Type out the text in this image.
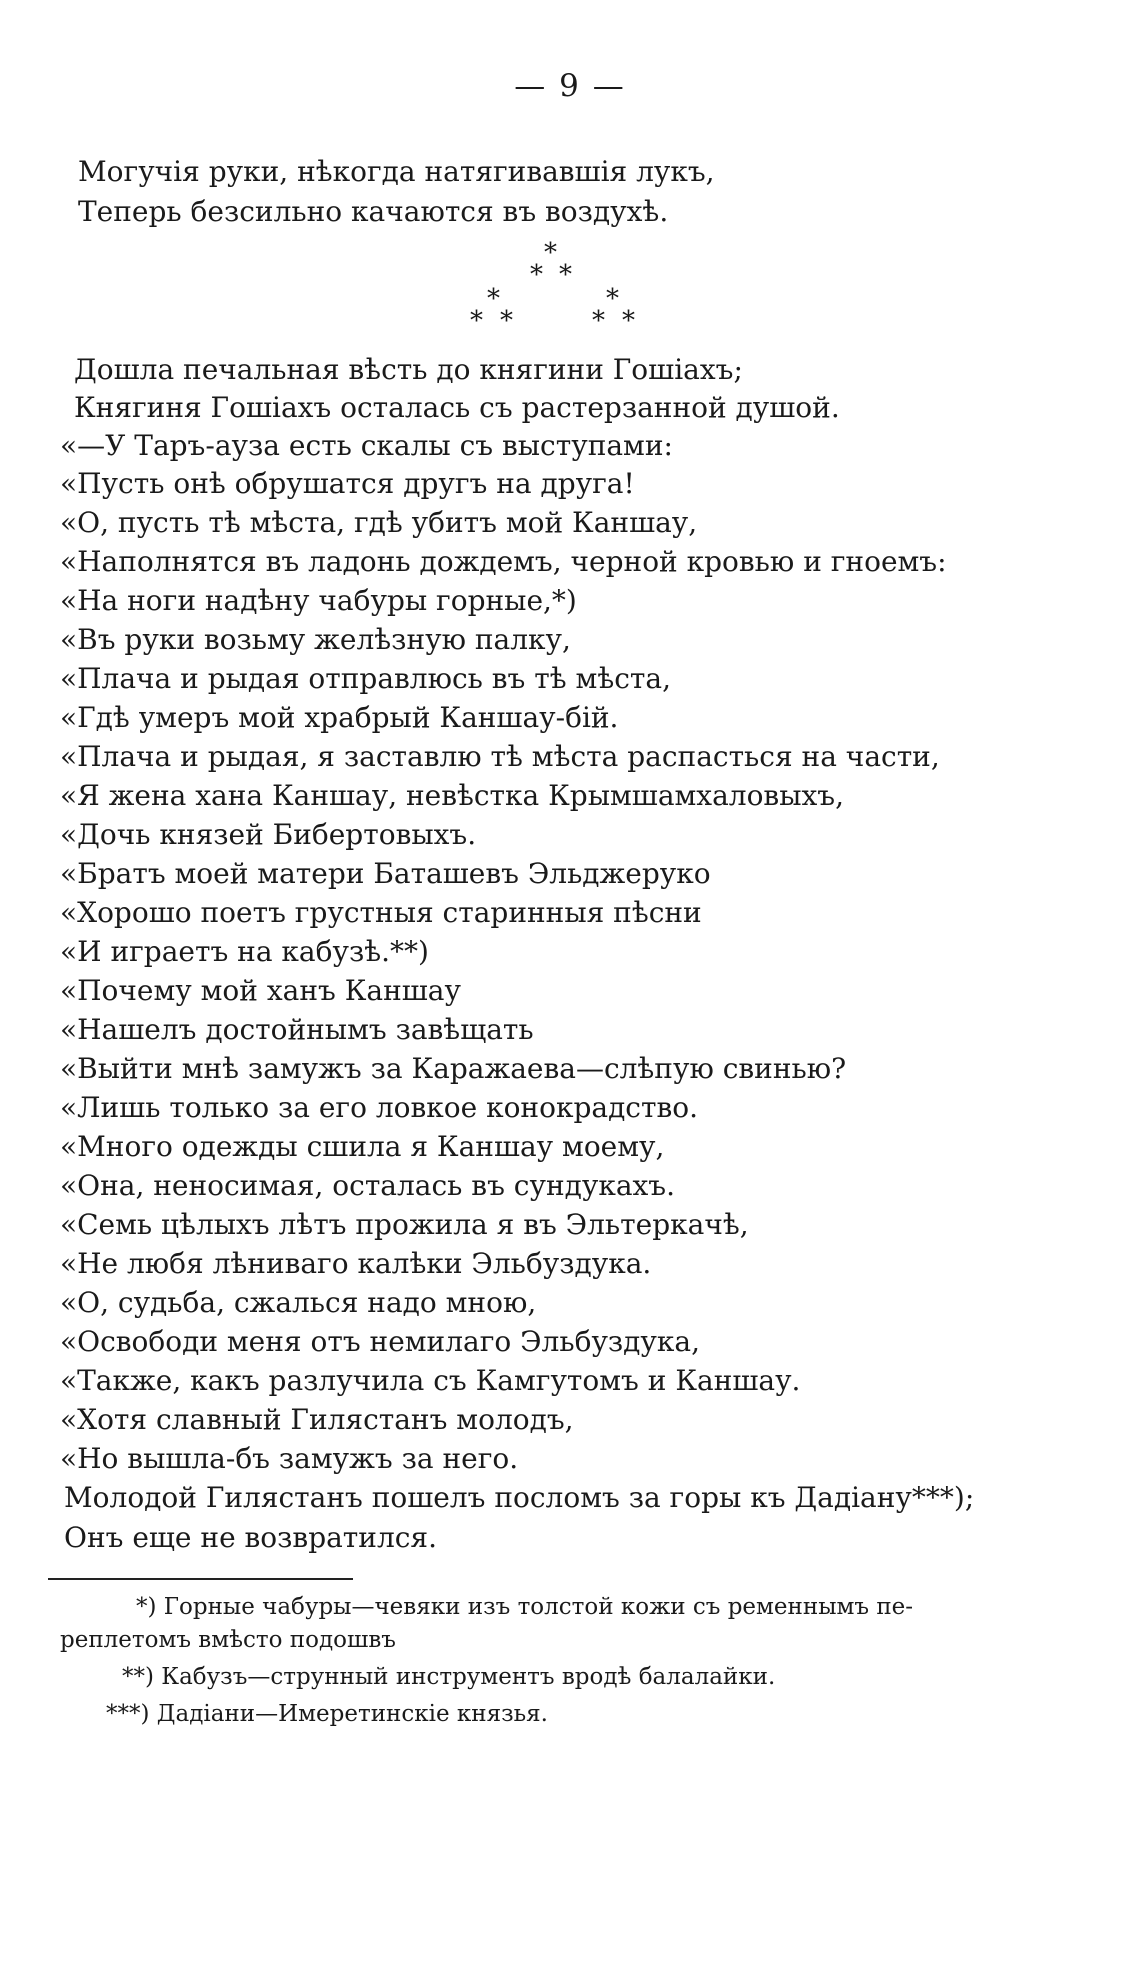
— 9 —
Могучія руки, нѣкогда натягивавшія лукъ,
Теперь безсильно качаются въ воздухѣ.
*
* *
*	*
* *	* *
Дошла печальная вѣсть до княгини Гошіахъ;
Княгиня Гошіахъ осталась съ растерзанной душой.
«—У Таръ-ауза есть скалы съ выступами:
«Пусть онѣ обрушатся другъ на друга!
«О, пусть тѣ мѣста, гдѣ убитъ мой Каншау,
«Наполнятся въ ладонь дождемъ, черной кровью и гноемъ:
«На ноги надѣну чабуры горные,*)
«Въ руки возьму желѣзную палку,
«Плача и рыдая отправлюсь въ тѣ мѣста,
«Гдѣ умеръ мой храбрый Каншау-бій.
«Плача и рыдая, я заставлю тѣ мѣста распасться на части,
«Я жена хана Каншау, невѣстка Крымшамхаловыхъ,
«Дочь князей Бибертовыхъ.
«Братъ моей матери Баташевъ Эльджеруко
«Хорошо поетъ грустныя старинныя пѣсни
«И играетъ на кабузѣ.**)
«Почему мой ханъ Каншау
«Нашелъ достойнымъ завѣщать
«Выйти мнѣ замужъ за Каражаева—слѣпую свинью?
«Лишь только за его ловкое конокрадство.
«Много одежды сшила я Каншау моему,
«Она, неносимая, осталась въ сундукахъ.
«Семь цѣлыхъ лѣтъ прожила я въ Эльтеркачѣ,
«Не любя лѣниваго калѣки Эльбуздука.
«О, судьба, сжалься надо мною,
«Освободи меня отъ немилаго Эльбуздука,
«Также, какъ разлучила съ Камгутомъ и Каншау.
«Хотя славный Гилястанъ молодъ,
«Но вышла-бъ замужъ за него.
Молодой Гилястанъ пошелъ посломъ за горы къ Дадіану***);
Онъ еще не возвратился.
*) Горные чабуры—чевяки изъ толстой кожи съ ременнымъ пе-
реплетомъ вмѣсто подошвъ
**) Кабузъ—струнный инструментъ вродѣ балалайки.
***) Дадіани—Имеретинскіе князья.
